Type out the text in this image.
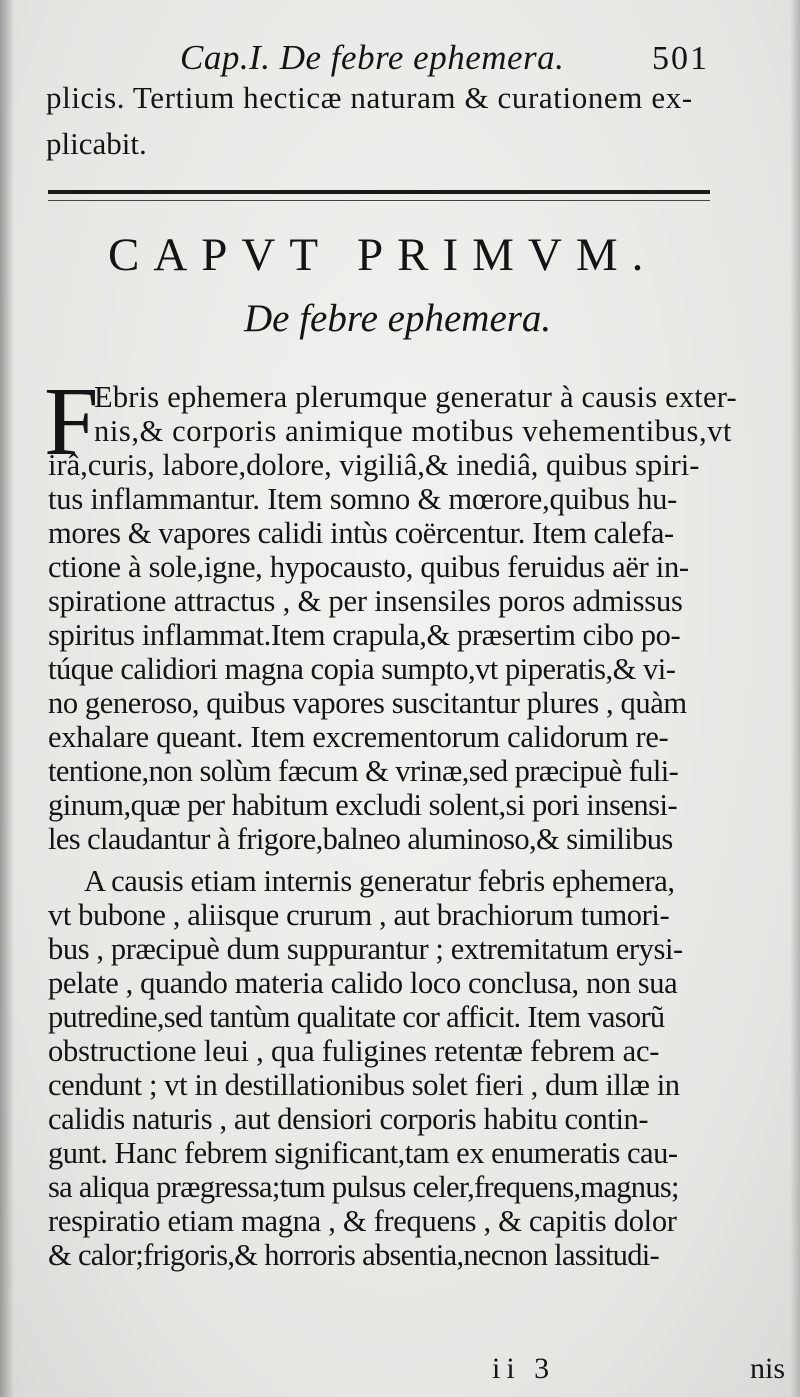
Cap.I. De febre ephemera.	501
plicis. Tertium hecticæ naturam & curationem ex-
plicabit.
CAPVT PRIMVM.
De febre ephemera.
F
Ebris ephemera plerumque generatur à causis exter-
nis,& corporis animique motibus vehementibus,vt
irâ,curis, labore,dolore, vigiliâ,& inediâ, quibus spiri-
tus inflammantur. Item somno & mœrore,quibus hu-
mores & vapores calidi intùs coërcentur. Item calefa-
ctione à sole,igne, hypocausto, quibus feruidus aër in-
spiratione attractus , & per insensiles poros admissus
spiritus inflammat.Item crapula,& præsertim cibo po-
túque calidiori magna copia sumpto,vt piperatis,& vi-
no generoso, quibus vapores suscitantur plures , quàm
exhalare queant. Item excrementorum calidorum re-
tentione,non solùm fæcum & vrinæ,sed præcipuè fuli-
ginum,quæ per habitum excludi solent,si pori insensi-
les claudantur à frigore,balneo aluminoso,& similibus
A causis etiam internis generatur febris ephemera,
vt bubone , aliisque crurum , aut brachiorum tumori-
bus , præcipuè dum suppurantur ; extremitatum erysi-
pelate , quando materia calido loco conclusa, non sua
putredine,sed tantùm qualitate cor afficit. Item vasorũ
obstructione leui , qua fuligines retentæ febrem ac-
cendunt ; vt in destillationibus solet fieri , dum illæ in
calidis naturis , aut densiori corporis habitu contin-
gunt. Hanc febrem significant,tam ex enumeratis cau-
sa aliqua prægressa;tum pulsus celer,frequens,magnus;
respiratio etiam magna , & frequens , & capitis dolor
& calor;frigoris,& horroris absentia,necnon lassitudi-
ii 3	nis
